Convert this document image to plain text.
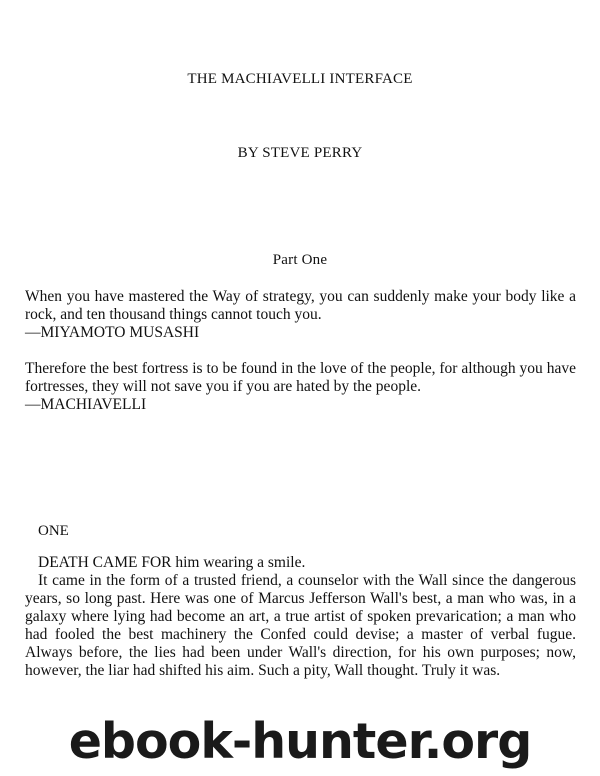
THE MACHIAVELLI INTERFACE
BY STEVE PERRY
Part One
When you have mastered the Way of strategy, you can suddenly make your body like a rock, and ten thousand things cannot touch you.
—MIYAMOTO MUSASHI
Therefore the best fortress is to be found in the love of the people, for although you have fortresses, they will not save you if you are hated by the people.
—MACHIAVELLI
ONE

DEATH CAME FOR him wearing a smile.

It came in the form of a trusted friend, a counselor with the Wall since the dangerous years, so long past. Here was one of Marcus Jefferson Wall's best, a man who was, in a galaxy where lying had become an art, a true artist of spoken prevarication; a man who had fooled the best machinery the Confed could devise; a master of verbal fugue. Always before, the lies had been under Wall's direction, for his own purposes; now, however, the liar had shifted his aim. Such a pity, Wall thought. Truly it was.

ebook-hunter.org
